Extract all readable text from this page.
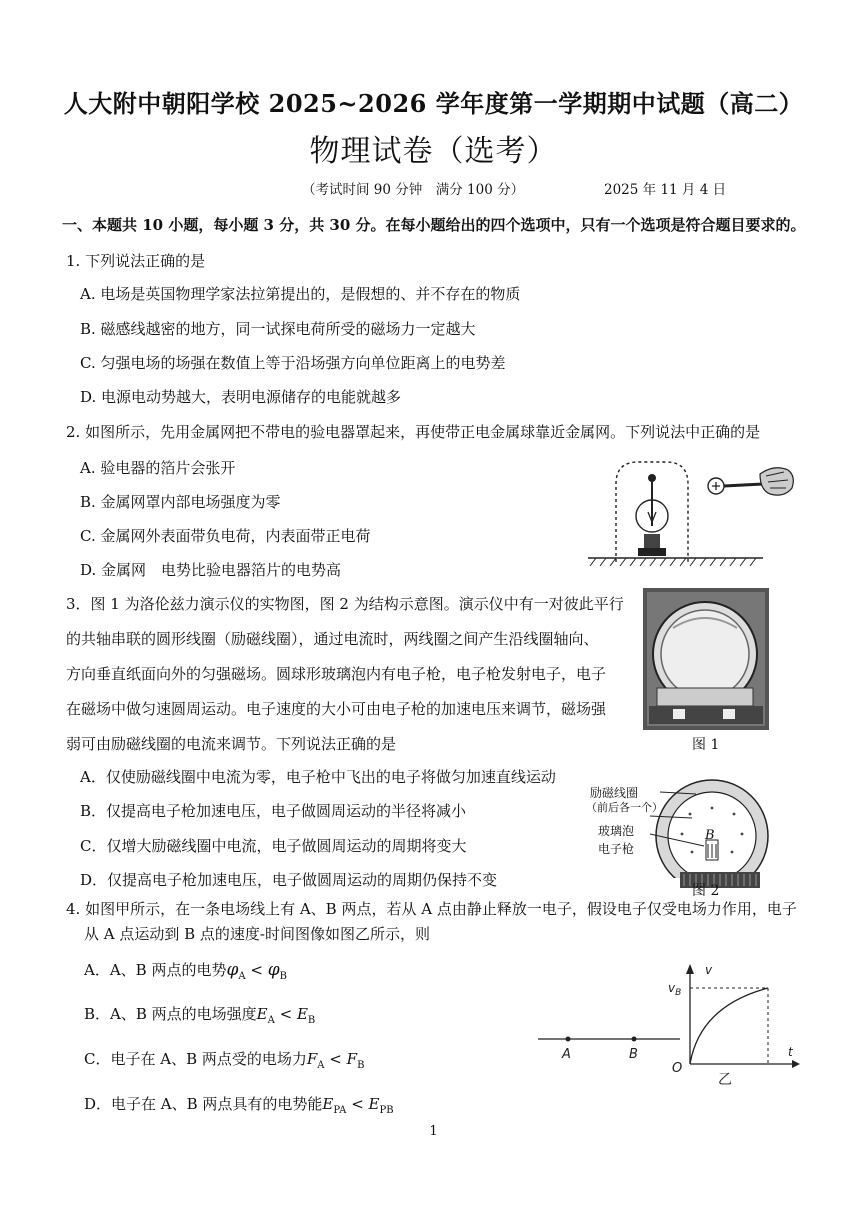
人大附中朝阳学校 2025~2026 学年度第一学期期中试题（高二）
物理试卷（选考）
（考试时间 90 分钟　满分 100 分）	2025 年 11 月 4 日
一、本题共 10 小题，每小题 3 分，共 30 分。在每小题给出的四个选项中，只有一个选项是符合题目要求的。
1. 下列说法正确的是
A. 电场是英国物理学家法拉第提出的，是假想的、并不存在的物质
B. 磁感线越密的地方，同一试探电荷所受的磁场力一定越大
C. 匀强电场的场强在数值上等于沿场强方向单位距离上的电势差
D. 电源电动势越大，表明电源储存的电能就越多
2. 如图所示，先用金属网把不带电的验电器罩起来，再使带正电金属球靠近金属网。下列说法中正确的是
A. 验电器的箔片会张开
B. 金属网罩内部电场强度为零
C. 金属网外表面带负电荷，内表面带正电荷
D. 金属网　电势比验电器箔片的电势高
3．图 1 为洛伦兹力演示仪的实物图，图 2 为结构示意图。演示仪中有一对彼此平行
的共轴串联的圆形线圈（励磁线圈），通过电流时，两线圈之间产生沿线圈轴向、
方向垂直纸面向外的匀强磁场。圆球形玻璃泡内有电子枪，电子枪发射电子，电子
在磁场中做匀速圆周运动。电子速度的大小可由电子枪的加速电压来调节，磁场强
弱可由励磁线圈的电流来调节。下列说法正确的是
A．仅使励磁线圈中电流为零，电子枪中飞出的电子将做匀加速直线运动
B．仅提高电子枪加速电压，电子做圆周运动的半径将减小
C．仅增大励磁线圈中电流，电子做圆周运动的周期将变大
D．仅提高电子枪加速电压，电子做圆周运动的周期仍保持不变
图 1
励磁线圈
（前后各一个）
玻璃泡
电子枪
B
图 2
4. 如图甲所示，在一条电场线上有 A、B 两点，若从 A 点由静止释放一电子，假设电子仅受电场力作用，电子
从 A 点运动到 B 点的速度-时间图像如图乙所示，则
A．A、B 两点的电势$\varphi_A < \varphi_B$
B．A、B 两点的电场强度$E_A < E_B$
C．电子在 A、B 两点受的电场力$F_A < F_B$
D．电子在 A、B 两点具有的电势能$E_{PA} < E_{PB}$
A	B
v
$v_B$
t
O
乙
1
